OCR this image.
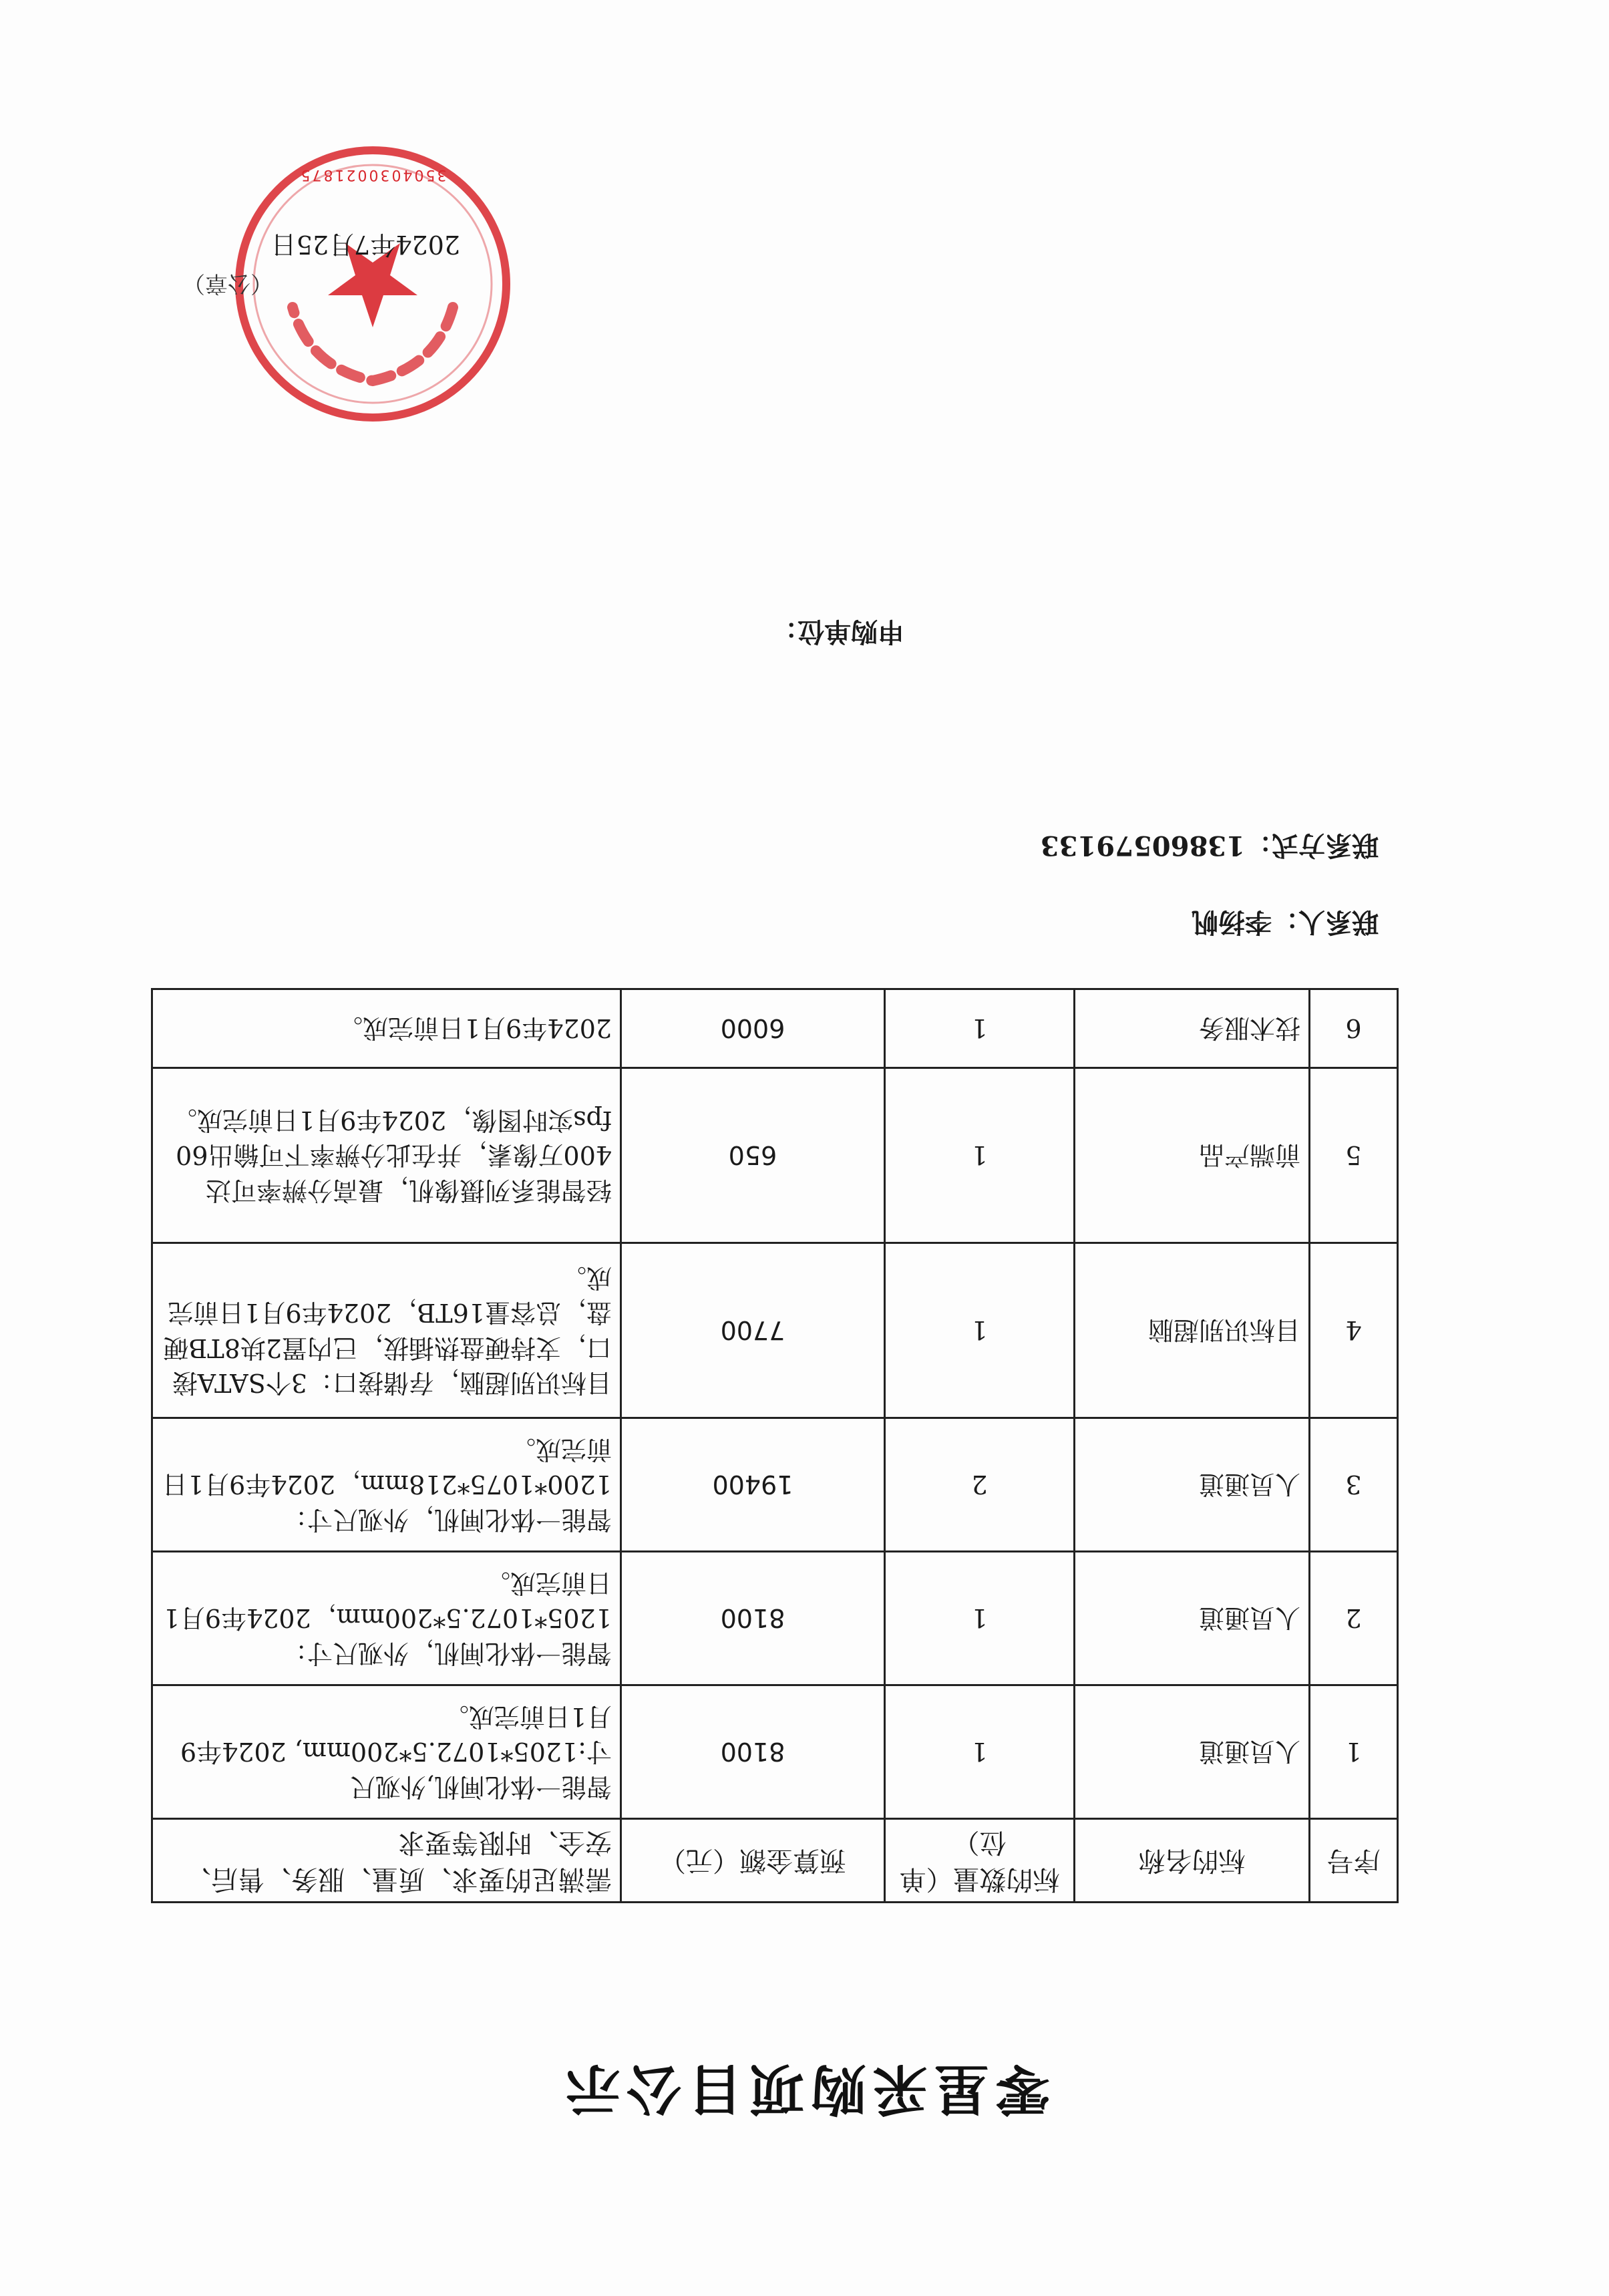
零星采购项目公示
序号	标的名称	标的数量（单位）	预算金额（元）	需满足的要求、质量、服务、售后、安全、时限等要求
1	人员通道	1	8100	智能一体化闸机,外观尺寸:1205*1072.5*200mm, 2024年9月1日前完成。
2	人员通道	1	8100	智能一体化闸机，外观尺寸：1205*1072.5*200mm，2024年9月1日前完成。
3	人员通道	2	19400	智能一体化闸机，外观尺寸：1200*1075*218mm，2024年9月1日前完成。
4	目标识别超脑	1	7700	目标识别超脑，存储接口：3个SATA接口，支持硬盘热插拔，已内置2块8TB硬盘，总容量16TB，2024年9月1日前完成。
5	前端产品	1	650	轻智能系列摄像机，最高分辨率可达400万像素，并在此分辨率下可输出60 fps实时图像，2024年9月1日前完成。
6	技术服务	1	6000	2024年9月1日前完成。
联系人：李扬帆
联系方式：13860579133
申购单位：
3504030021875
（公章）
2024年7月25日
